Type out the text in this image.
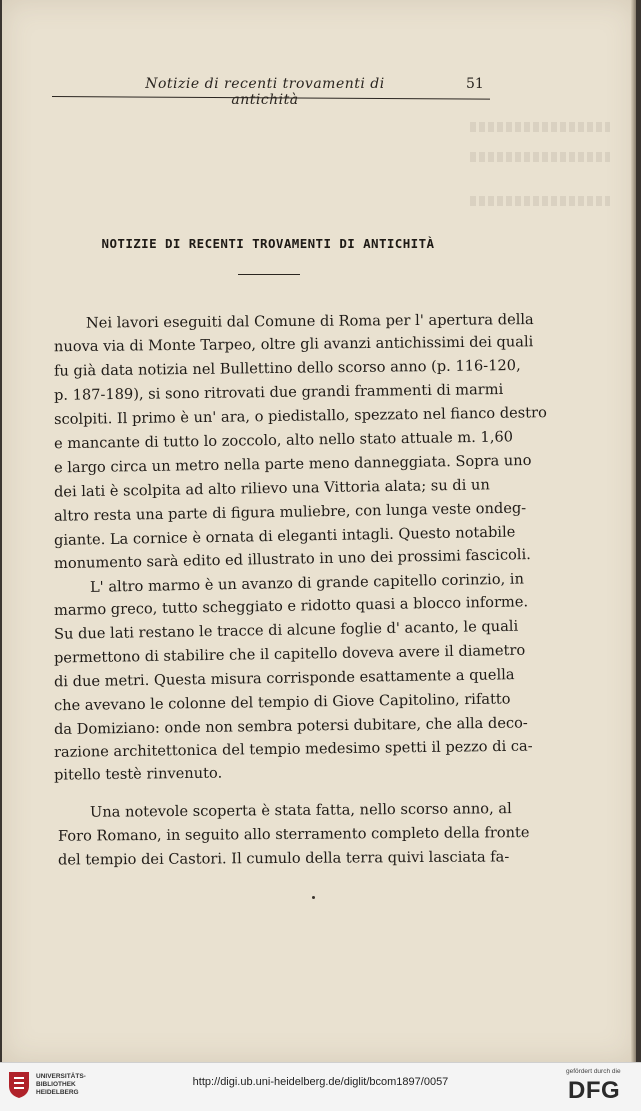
Notizie di recenti trovamenti di antichità
51
NOTIZIE DI RECENTI TROVAMENTI DI ANTICHITÀ
Nei lavori eseguiti dal Comune di Roma per l' apertura della
nuova via di Monte Tarpeo, oltre gli avanzi antichissimi dei quali
fu già data notizia nel Bullettino dello scorso anno (p. 116-120,
p. 187-189), si sono ritrovati due grandi frammenti di marmi
scolpiti. Il primo è un' ara, o piedistallo, spezzato nel fianco destro
e mancante di tutto lo zoccolo, alto nello stato attuale m. 1,60
e largo circa un metro nella parte meno danneggiata. Sopra uno
dei lati è scolpita ad alto rilievo una Vittoria alata; su di un
altro resta una parte di figura muliebre, con lunga veste ondeg-
giante. La cornice è ornata di eleganti intagli. Questo notabile
monumento sarà edito ed illustrato in uno dei prossimi fascicoli.
L' altro marmo è un avanzo di grande capitello corinzio, in
marmo greco, tutto scheggiato e ridotto quasi a blocco informe.
Su due lati restano le tracce di alcune foglie d' acanto, le quali
permettono di stabilire che il capitello doveva avere il diametro
di due metri. Questa misura corrisponde esattamente a quella
che avevano le colonne del tempio di Giove Capitolino, rifatto
da Domiziano: onde non sembra potersi dubitare, che alla deco-
razione architettonica del tempio medesimo spetti il pezzo di ca-
pitello testè rinvenuto.
Una notevole scoperta è stata fatta, nello scorso anno, al
Foro Romano, in seguito allo sterramento completo della fronte
del tempio dei Castori. Il cumulo della terra quivi lasciata fa-
UNIVERSITÄTS-
BIBLIOTHEK
HEIDELBERG
http://digi.ub.uni-heidelberg.de/diglit/bcom1897/0057
gefördert durch die
DFG
